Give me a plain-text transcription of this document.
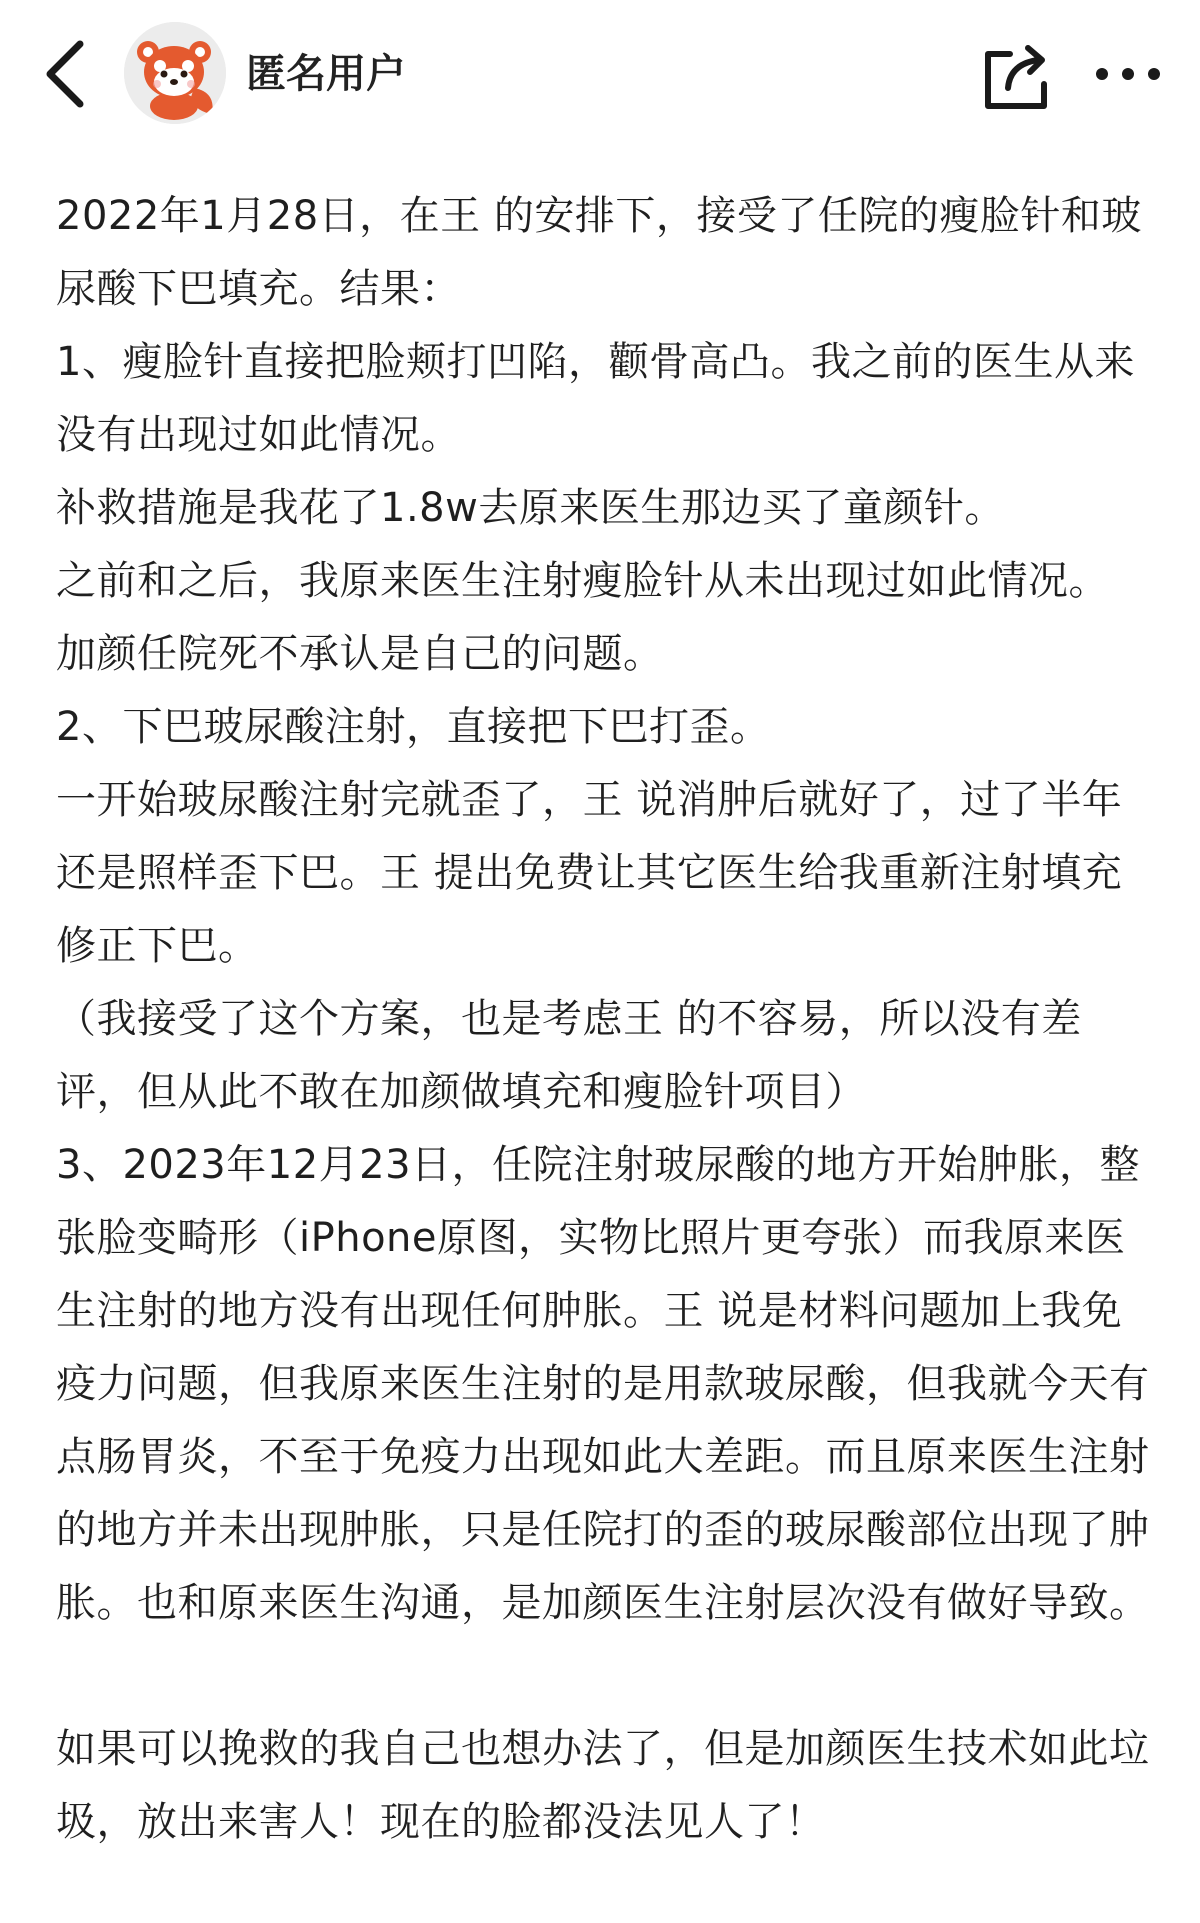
匿名用户

2022年1月28日，在王 的安排下，接受了任院的瘦脸针和玻尿酸下巴填充。结果：

1、瘦脸针直接把脸颊打凹陷，颧骨高凸。我之前的医生从来没有出现过如此情况。

补救措施是我花了1.8w去原来医生那边买了童颜针。

之前和之后，我原来医生注射瘦脸针从未出现过如此情况。

加颜任院死不承认是自己的问题。

2、下巴玻尿酸注射，直接把下巴打歪。

一开始玻尿酸注射完就歪了，王 说消肿后就好了，过了半年还是照样歪下巴。王 提出免费让其它医生给我重新注射填充修正下巴。

（我接受了这个方案，也是考虑王 的不容易，所以没有差评，但从此不敢在加颜做填充和瘦脸针项目）

3、2023年12月23日，任院注射玻尿酸的地方开始肿胀，整张脸变畸形（iPhone原图，实物比照片更夸张）而我原来医生注射的地方没有出现任何肿胀。王 说是材料问题加上我免疫力问题，但我原来医生注射的是用款玻尿酸，但我就今天有点肠胃炎，不至于免疫力出现如此大差距。而且原来医生注射的地方并未出现肿胀，只是任院打的歪的玻尿酸部位出现了肿胀。也和原来医生沟通，是加颜医生注射层次没有做好导致。

如果可以挽救的我自己也想办法了，但是加颜医生技术如此垃圾，放出来害人！现在的脸都没法见人了！
